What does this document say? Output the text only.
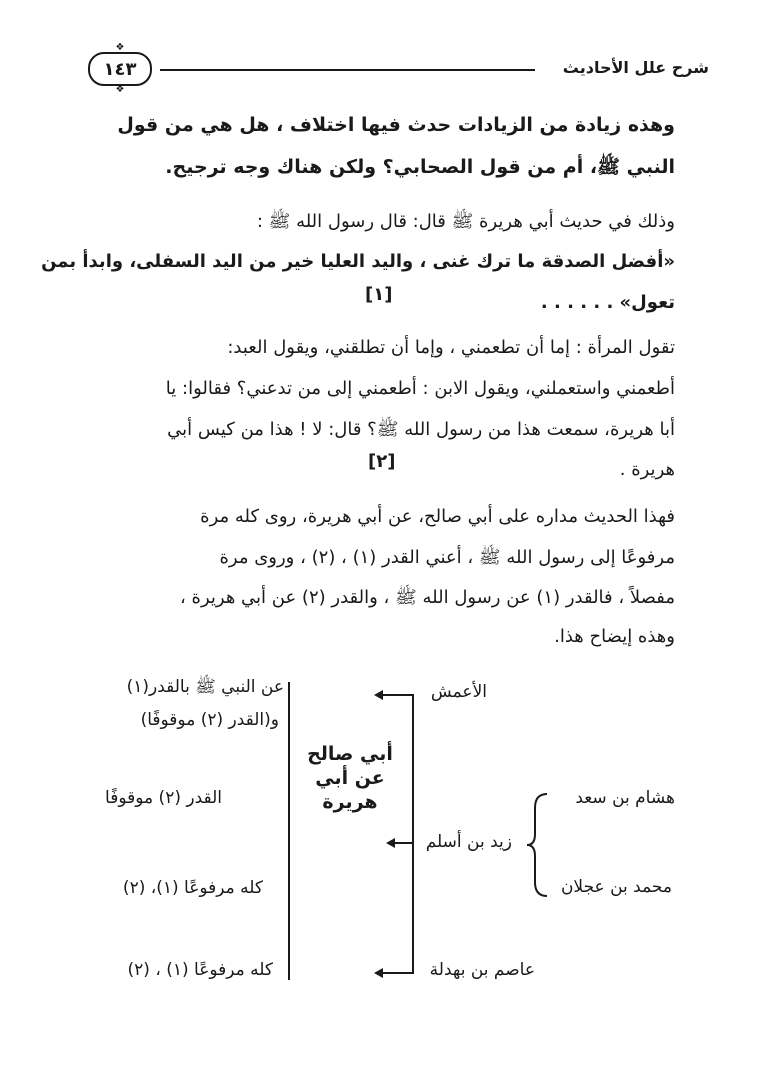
شرح علل الأحاديث
❖
١٤٣
❖
وهذه زيادة من الزيادات حدث فيها اختلاف ، هل هي من قول
النبي ﷺ، أم من قول الصحابي؟ ولكن هناك وجه ترجيح.
وذلك في حديث أبي هريرة ﷺ قال: قال رسول الله ﷺ :
«أفضل الصدقة ما ترك غنى ، واليد العليا خير من اليد السفلى، وابدأ بمن
تعول» . . . . . .
[١]
تقول المرأة : إما أن تطعمني ، وإما أن تطلقني، ويقول العبد:
أطعمني واستعملني، ويقول الابن : أطعمني إلى من تدعني؟ فقالوا: يا
أبا هريرة، سمعت هذا من رسول الله ﷺ؟ قال: لا ! هذا من كيس أبي
هريرة .
[٢]
فهذا الحديث مداره على أبي صالح، عن أبي هريرة، روى كله مرة
مرفوعًا إلى رسول الله ﷺ ، أعني القدر (١) ، (٢) ، وروى مرة
مفصلاً ، فالقدر (١) عن رسول الله ﷺ ، والقدر (٢) عن أبي هريرة ،
وهذه إيضاح هذا.
الأعمش
هشام بن سعد
زيد بن أسلم
محمد بن عجلان
عاصم بن بهدلة
أبي صالح
عن أبي
هريرة
عن النبي ﷺ بالقدر(١)
و(القدر (٢) موقوفًا)
القدر (٢) موقوفًا
كله مرفوعًا (١)، (٢)
كله مرفوعًا (١) ، (٢)
